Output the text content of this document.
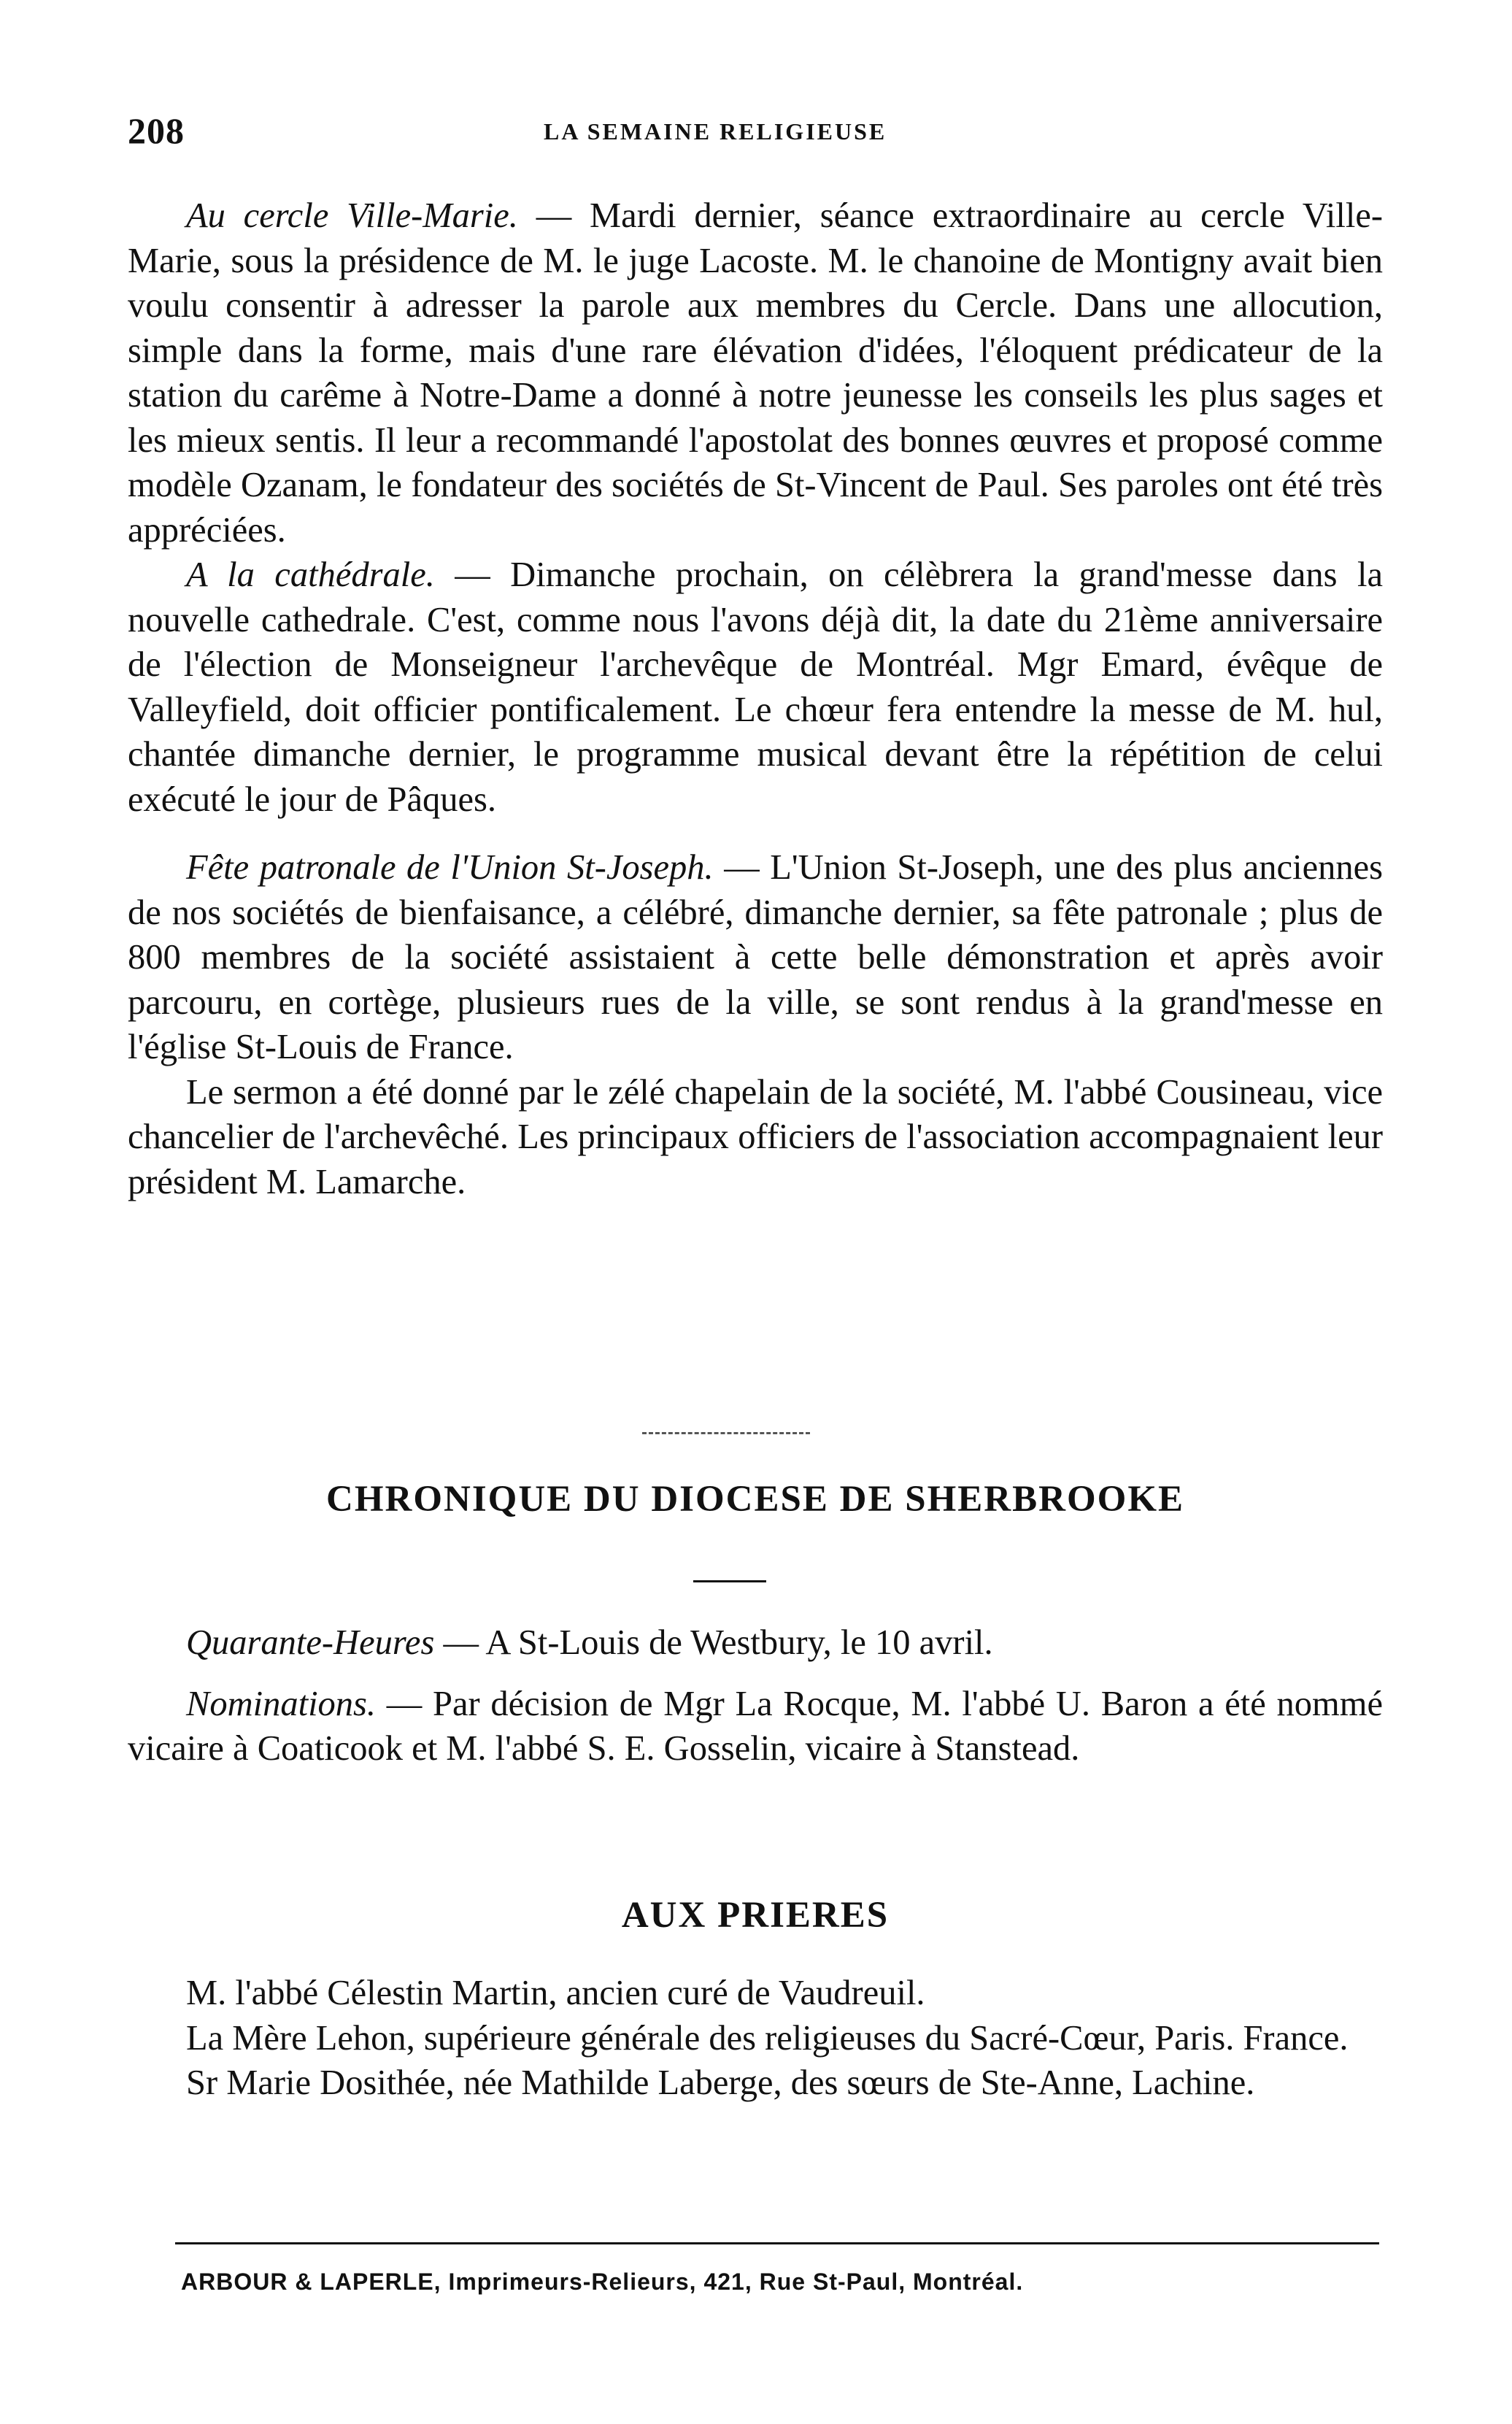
208	LA SEMAINE RELIGIEUSE

Au cercle Ville-Marie. — Mardi dernier, séance extraordinaire au cercle Ville-Marie, sous la présidence de M. le juge Lacoste. M. le chanoine de Montigny avait bien voulu consentir à adresser la parole aux membres du Cercle. Dans une allocution, simple dans la forme, mais d'une rare élévation d'idées, l'éloquent prédicateur de la station du carême à Notre-Dame a donné à notre jeunesse les conseils les plus sages et les mieux sentis. Il leur a recommandé l'apostolat des bonnes œuvres et proposé comme modèle Ozanam, le fondateur des sociétés de St-Vincent de Paul. Ses paroles ont été très appréciées.

A la cathédrale. — Dimanche prochain, on célèbrera la grand'messe dans la nouvelle cathedrale. C'est, comme nous l'avons déjà dit, la date du 21ème anniversaire de l'élection de Monseigneur l'archevêque de Montréal. Mgr Emard, évêque de Valleyfield, doit officier pontificalement. Le chœur fera entendre la messe de M. hul, chantée dimanche dernier, le programme musical devant être la répétition de celui exécuté le jour de Pâques.

Fête patronale de l'Union St-Joseph. — L'Union St-Joseph, une des plus anciennes de nos sociétés de bienfaisance, a célébré, dimanche dernier, sa fête patronale ; plus de 800 membres de la société assistaient à cette belle démonstration et après avoir parcouru, en cortège, plusieurs rues de la ville, se sont rendus à la grand'messe en l'église St-Louis de France.

Le sermon a été donné par le zélé chapelain de la société, M. l'abbé Cousineau, vice chancelier de l'archevêché. Les principaux officiers de l'association accompagnaient leur président M. Lamarche.

CHRONIQUE DU DIOCESE DE SHERBROOKE

Quarante-Heures — A St-Louis de Westbury, le 10 avril.

Nominations. — Par décision de Mgr La Rocque, M. l'abbé U. Baron a été nommé vicaire à Coaticook et M. l'abbé S. E. Gosselin, vicaire à Stanstead.

AUX PRIERES

M. l'abbé Célestin Martin, ancien curé de Vaudreuil.

La Mère Lehon, supérieure générale des religieuses du Sacré-Cœur, Paris. France.

Sr Marie Dosithée, née Mathilde Laberge, des sœurs de Ste-Anne, Lachine.

ARBOUR & LAPERLE, Imprimeurs-Relieurs, 421, Rue St-Paul, Montréal.
